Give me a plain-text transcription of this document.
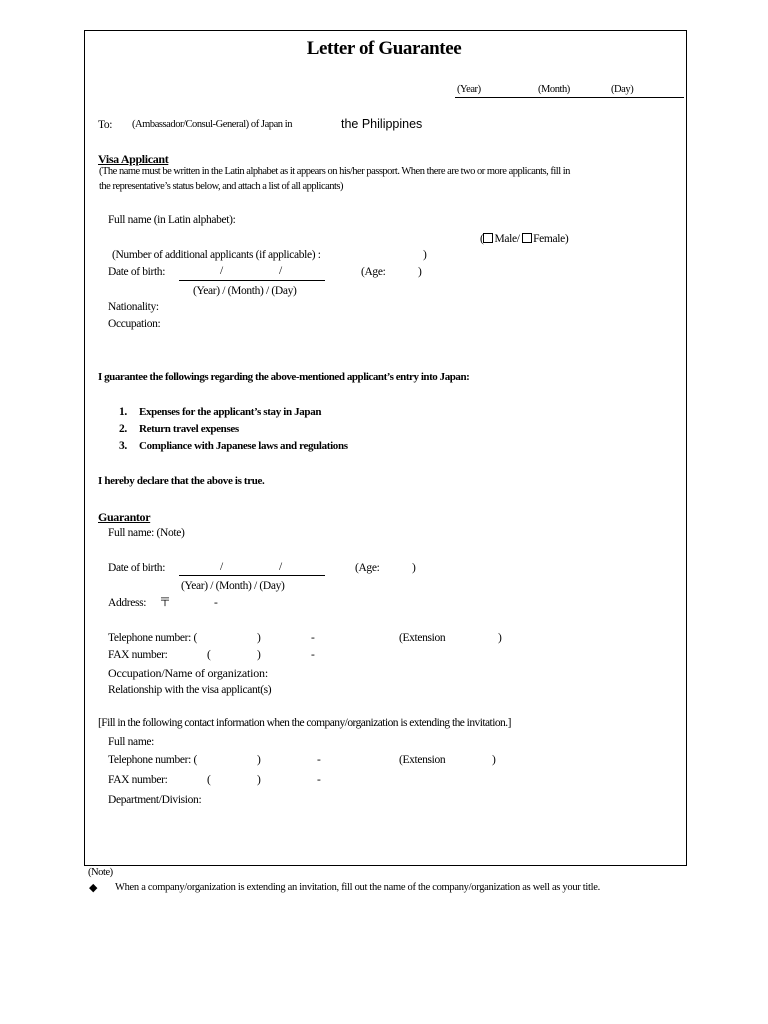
Letter of Guarantee
(Year)	(Month)	(Day)
To: (Ambassador/Consul-General) of Japan in	the Philippines
Visa Applicant
(The name must be written in the Latin alphabet as it appears on his/her passport. When there are two or more applicants, fill in
the representative’s status below, and attach a list of all applicants)
Full name (in Latin alphabet):
( Male/ Female)
(Number of additional applicants (if applicable) :	)
Date of birth:	/	/	(Age:	)
(Year) / (Month) / (Day)
Nationality:
Occupation:
I guarantee the followings regarding the above-mentioned applicant’s entry into Japan:
1. Expenses for the applicant’s stay in Japan
2. Return travel expenses
3. Compliance with Japanese laws and regulations
I hereby declare that the above is true.
Guarantor
Full name: (Note)
Date of birth:	/	/	(Age:	)
(Year) / (Month) / (Day)
Address: 〒	-
Telephone number: (	)	-	(Extension	)
FAX number:	(	)	-
Occupation/Name of organization:
Relationship with the visa applicant(s)
[Fill in the following contact information when the company/organization is extending the invitation.]
Full name:
Telephone number: (	)	-	(Extension	)
FAX number:	(	)	-
Department/Division:
(Note)
◆ When a company/organization is extending an invitation, fill out the name of the company/organization as well as your title.
